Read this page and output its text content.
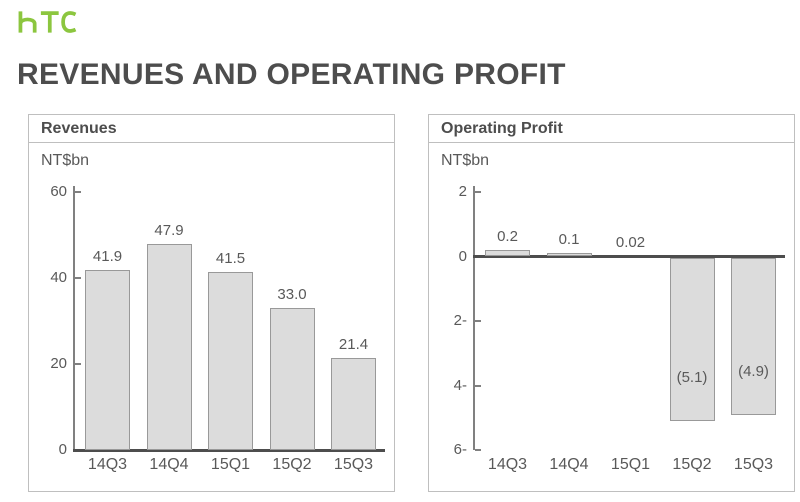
REVENUES AND OPERATING PROFIT
Revenues
NT$bn
60
40
20
0
41.9
47.9
41.5
33.0
21.4
14Q3	14Q4	15Q1	15Q2	15Q3
Operating Profit
NT$bn
2
0
2-
4-
6-
0.2	0.1	0.02
(5.1)	(4.9)
14Q3	14Q4	15Q1	15Q2	15Q3
